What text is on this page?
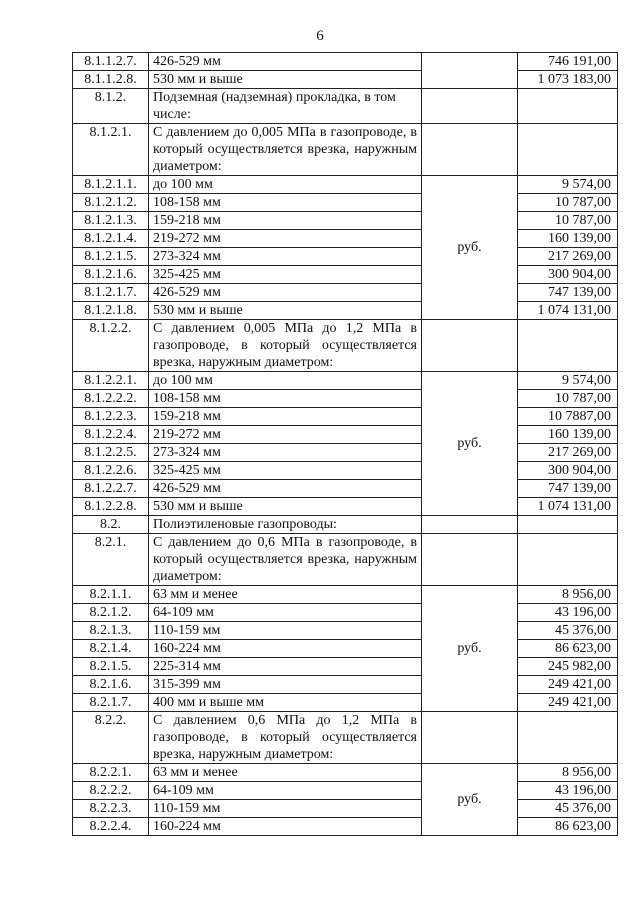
6
8.1.1.2.7.	426-529 мм		746 191,00
8.1.1.2.8.	530 мм и выше		1 073 183,00
8.1.2.	Подземная (надземная) прокладка, в том числе:		
8.1.2.1.	С давлением до 0,005 МПа в газопроводе, в который осуществляется врезка, наружным диаметром:		
8.1.2.1.1.	до 100 мм	руб.	9 574,00
8.1.2.1.2.	108-158 мм		10 787,00
8.1.2.1.3.	159-218 мм		10 787,00
8.1.2.1.4.	219-272 мм		160 139,00
8.1.2.1.5.	273-324 мм		217 269,00
8.1.2.1.6.	325-425 мм		300 904,00
8.1.2.1.7.	426-529 мм		747 139,00
8.1.2.1.8.	530 мм и выше		1 074 131,00
8.1.2.2.	С давлением 0,005 МПа до 1,2 МПа в газопроводе, в который осуществляется врезка, наружным диаметром:		
8.1.2.2.1.	до 100 мм	руб.	9 574,00
8.1.2.2.2.	108-158 мм		10 787,00
8.1.2.2.3.	159-218 мм		10 7887,00
8.1.2.2.4.	219-272 мм		160 139,00
8.1.2.2.5.	273-324 мм		217 269,00
8.1.2.2.6.	325-425 мм		300 904,00
8.1.2.2.7.	426-529 мм		747 139,00
8.1.2.2.8.	530 мм и выше		1 074 131,00
8.2.	Полиэтиленовые газопроводы:		
8.2.1.	С давлением до 0,6 МПа в газопроводе, в который осуществляется врезка, наружным диаметром:		
8.2.1.1.	63 мм и менее	руб.	8 956,00
8.2.1.2.	64-109 мм		43 196,00
8.2.1.3.	110-159 мм		45 376,00
8.2.1.4.	160-224 мм		86 623,00
8.2.1.5.	225-314 мм		245 982,00
8.2.1.6.	315-399 мм		249 421,00
8.2.1.7.	400 мм и выше мм		249 421,00
8.2.2.	С давлением 0,6 МПа до 1,2 МПа в газопроводе, в который осуществляется врезка, наружным диаметром:		
8.2.2.1.	63 мм и менее	руб.	8 956,00
8.2.2.2.	64-109 мм		43 196,00
8.2.2.3.	110-159 мм		45 376,00
8.2.2.4.	160-224 мм		86 623,00
